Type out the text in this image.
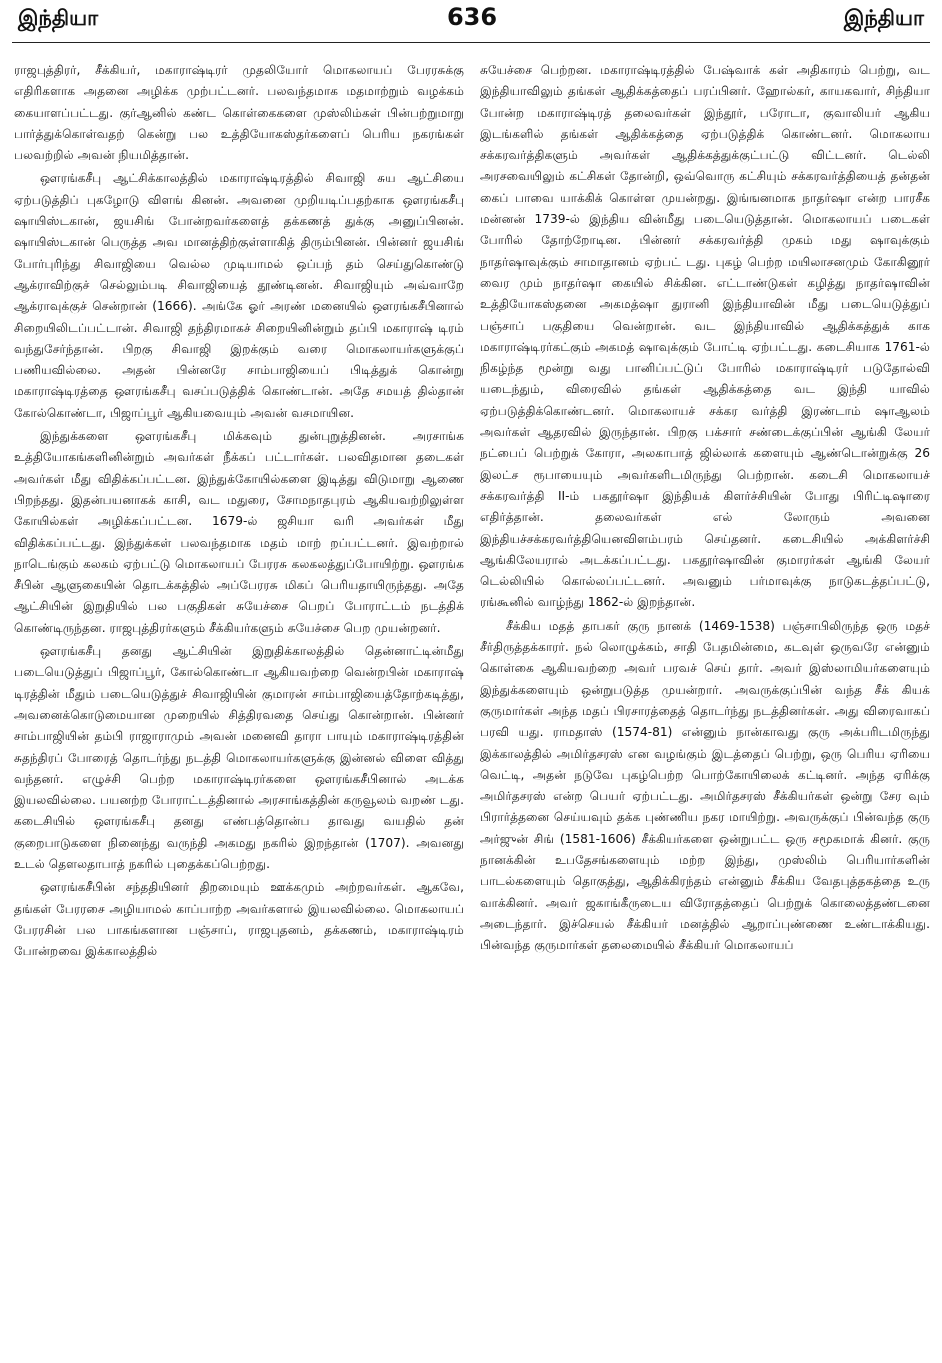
இந்தியா	636	இந்தியா

ராஜபுத்திரர், சீக்கியர், மகாராஷ்டிரர் முதலியோர் மொகலாயப் பேரரசுக்கு எதிரிகளாக அதனை அழிக்க முற்பட்டனர். பலவந்தமாக மதமாற்றும் வழக்கம் கையாளப்பட்டது. குர்ஆனில் கண்ட கொள்கைகளை முஸ்லிம்கள் பின்பற்றுமாறு பார்த்துக்கொள்வதற் கென்று பல உத்தியோகஸ்தர்களைப் பெரிய நகரங்கள் பலவற்றில் அவன் நியமித்தான்.

ஔரங்கசீபு ஆட்சிக்காலத்தில் மகாராஷ்டிரத்தில் சிவாஜி சுய ஆட்சியை ஏற்படுத்திப் புகழோடு விளங் கினன். அவனை முறியடிப்பதற்காக ஔரங்கசீபு ஷாயிஸ்டகான், ஜயசிங் போன்றவர்களைத் தக்கணத் துக்கு அனுப்பினன். ஷாயிஸ்டகான் பெருத்த அவ மானத்திற்குள்ளாகித் திரும்பினன். பின்னர் ஜயசிங் போர்புரிந்து சிவாஜியை வெல்ல முடியாமல் ஒப்பந் தம் செய்துகொண்டு ஆக்ராவிற்குச் செல்லும்படி சிவாஜியைத் தூண்டினன். சிவாஜியும் அவ்வாறே ஆக்ராவுக்குச் சென்றான் (1666). அங்கே ஓர் அரண் மனையில் ஔரங்கசீபினால் சிறையிலிடப்பட்டான். சிவாஜி தந்திரமாகச் சிறையினின்றும் தப்பி மகாராஷ் டிரம் வந்துசேர்ந்தான். பிறகு சிவாஜி இறக்கும் வரை மொகலாயர்களுக்குப் பணியவில்லை. அதன் பின்னரே சாம்பாஜியைப் பிடித்துக் கொன்று மகாராஷ்டிரத்தை ஔரங்கசீபு வசப்படுத்திக் கொண்டான். அதே சமயத் தில்தான் கோல்கொண்டா, பிஜாப்பூர் ஆகியவையும் அவன் வசமாயின.

இந்துக்களை ஔரங்கசீபு மிக்கவும் துன்புறுத்தினன். அரசாங்க உத்தியோகங்களினின்றும் அவர்கள் நீக்கப் பட்டார்கள். பலவிதமான தடைகள் அவர்கள் மீது விதிக்கப்பட்டன. இந்துக்கோயில்களை இடித்து விடுமாறு ஆணை பிறந்தது. இதன்பயனாகக் காசி, வட மதுரை, சோமநாதபுரம் ஆகியவற்றிலுள்ள கோயில்கள் அழிக்கப்பட்டன. 1679-ல் ஜசியா வரி அவர்கள் மீது விதிக்கப்பட்டது. இந்துக்கள் பலவந்தமாக மதம் மாற் றப்பட்டனர். இவற்றால் நாடெங்கும் கலகம் ஏற்பட்டு மொகலாயப் பேரரசு கலகலத்துப்போயிற்று. ஔரங்க சீபின் ஆளுகையின் தொடக்கத்தில் அப்பேரரசு மிகப் பெரியதாயிருந்தது. அதே ஆட்சியின் இறுதியில் பல பகுதிகள் சுயேச்சை பெறப் போராட்டம் நடத்திக் கொண்டிருந்தன. ராஜபுத்திரர்களும் சீக்கியர்களும் சுயேச்சை பெற முயன்றனர்.

ஔரங்கசீபு தனது ஆட்சியின் இறுதிக்காலத்தில் தென்னாட்டின்மீது படையெடுத்துப் பிஜாப்பூர், கோல்கொண்டா ஆகியவற்றை வென்றபின் மகாராஷ் டிரத்தின் மீதும் படையெடுத்துச் சிவாஜியின் குமாரன் சாம்பாஜியைத்தோற்கடித்து, அவனைக்கொடுமையான முறையில் சித்திரவதை செய்து கொன்றான். பின்னர் சாம்பாஜியின் தம்பி ராஜாராமும் அவன் மனைவி தாரா பாயும் மகாராஷ்டிரத்தின் சுதந்திரப் போரைத் தொடர்ந்து நடத்தி மொகலாயர்களுக்கு இன்னல் விளை வித்து வந்தனர். எழுச்சி பெற்ற மகாராஷ்டிரர்களை ஔரங்கசீபினால் அடக்க இயலவில்லை. பயனற்ற போராட்டத்தினால் அரசாங்கத்தின் கருவூலம் வறண் டது. கடைசியில் ஔரங்கசீபு தனது எண்பத்தொன்ப தாவது வயதில் தன் குறைபாடுகளை நினைந்து வருந்தி அகமது நகரில் இறந்தான் (1707). அவனது உடல் தௌலதாபாத் நகரில் புதைக்கப்பெற்றது.

ஔரங்கசீபின் சந்ததியினர் திறமையும் ஊக்கமும் அற்றவர்கள். ஆகவே, தங்கள் பேரரசை அழியாமல் காப்பாற்ற அவர்களால் இயலவில்லை. மொகலாயப் பேரரசின் பல பாகங்களான பஞ்சாப், ராஜபுதனம், தக்கணம், மகாராஷ்டிரம் போன்றவை இக்காலத்தில்

சுயேச்சை பெற்றன. மகாராஷ்டிரத்தில் பேஷ்வாக் கள் அதிகாரம் பெற்று, வட இந்தியாவிலும் தங்கள் ஆதிக்கத்தைப் பரப்பினர். ஹோல்கர், காயகவார், சிந்தியா போன்ற மகாராஷ்டிரத் தலைவர்கள் இந்தூர், பரோடா, குவாலியர் ஆகிய இடங்களில் தங்கள் ஆதிக்கத்தை ஏற்படுத்திக் கொண்டனர். மொகலாய சக்கரவர்த்திகளும் அவர்கள் ஆதிக்கத்துக்குட்பட்டு விட்டனர். டெல்லி அரசவையிலும் கட்சிகள் தோன்றி, ஒவ்வொரு கட்சியும் சக்கரவர்த்தியைத் தன்தன் கைப் பாவை யாக்கிக் கொள்ள முயன்றது. இங்ஙனமாக நாதர்ஷா என்ற பாரசீக மன்னன் 1739-ல் இந்திய வின்மீது படையெடுத்தான். மொகலாயப் படைகள் போரில் தோற்றோடின. பின்னர் சக்கரவர்த்தி முகம் மது ஷாவுக்கும் நாதர்ஷாவுக்கும் சாமாதானம் ஏற்பட் டது. புகழ் பெற்ற மயிலாசனமும் கோகினூர் வைர மும் நாதர்ஷா கையில் சிக்கின. எட்டாண்டுகள் கழித்து நாதர்ஷாவின் உத்தியோகஸ்தனை அகமத்ஷா துரானி இந்தியாவின் மீது படையெடுத்துப் பஞ்சாப் பகுதியை வென்றான். வட இந்தியாவில் ஆதிக்கத்துக் காக மகாராஷ்டிரர்கட்கும் அகமத் ஷாவுக்கும் போட்டி ஏற்பட்டது. கடைசியாக 1761-ல் நிகழ்ந்த மூன்று வது பானிப்பட்டுப் போரில் மகாராஷ்டிரர் படுதோல்வி யடைந்தும், விரைவில் தங்கள் ஆதிக்கத்தை வட இந்தி யாவில் ஏற்படுத்திக்கொண்டனர். மொகலாயச் சக்கர வர்த்தி இரண்டாம் ஷாஆலம் அவர்கள் ஆதரவில் இருந்தான். பிறகு பக்சார் சண்டைக்குப்பின் ஆங்கி லேயர் நட்பைப் பெற்றுக் கோரா, அலகாபாத் ஜில்லாக் களையும் ஆண்டொன்றுக்கு 26 இலட்ச ரூபாயையும் அவர்களிடமிருந்து பெற்றான். கடைசி மொகலாயச் சக்கரவர்த்தி II-ம் பகதூர்ஷா இந்தியக் கிளர்ச்சியின் போது பிரிட்டிஷாரை எதிர்த்தான். தலைவர்கள் எல் லோரும் அவனை இந்தியச்சக்கரவர்த்தியெனவிளம்பரம் செய்தனர். கடைசியில் அக்கிளர்ச்சி ஆங்கிலேயரால் அடக்கப்பட்டது. பகதூர்ஷாவின் குமாரர்கள் ஆங்கி லேயர் டெல்லியில் கொல்லப்பட்டனர். அவனும் பர்மாவுக்கு நாடுகடத்தப்பட்டு, ரங்கூனில் வாழ்ந்து 1862-ல் இறந்தான்.

சீக்கிய மதத் தாபகர் குரு நானக் (1469-1538) பஞ்சாபிலிருந்த ஒரு மதச் சீர்திருத்தக்காரர். நல் லொழுக்கம், சாதி பேதமின்மை, கடவுள் ஒருவரே என்னும் கொள்கை ஆகியவற்றை அவர் பரவச் செய் தார். அவர் இஸ்லாமியர்களையும் இந்துக்களையும் ஒன்றுபடுத்த முயன்றார். அவருக்குப்பின் வந்த சீக் கியக் குருமார்கள் அந்த மதப் பிரசாரத்தைத் தொடர்ந்து நடத்தினர்கள். அது விரைவாகப் பரவி யது. ராமதாஸ் (1574-81) என்னும் நான்காவது குரு அக்பரிடமிருந்து இக்காலத்தில் அமிர்தசரஸ் என வழங்கும் இடத்தைப் பெற்று, ஒரு பெரிய ஏரியை வெட்டி, அதன் நடுவே புகழ்பெற்ற பொற்கோயிலைக் கட்டினர். அந்த ஏரிக்கு அமிர்தசரஸ் என்ற பெயர் ஏற்பட்டது. அமிர்தசரஸ் சீக்கியர்கள் ஒன்று சேர வும் பிரார்த்தனை செய்யவும் தக்க புண்ணிய நகர மாயிற்று. அவருக்குப் பின்வந்த குரு அர்ஜுன் சிங் (1581-1606) சீக்கியர்களை ஒன்றுபட்ட ஒரு சமூகமாக் கினர். குரு நானக்கின் உபதேசங்களையும் மற்ற இந்து, முஸ்லிம் பெரியார்களின் பாடல்களையும் தொகுத்து, ஆதிக்கிரந்தம் என்னும் சீக்கிய வேதபுத்தகத்தை உரு வாக்கினர். அவர் ஜகாங்கீருடைய விரோதத்தைப் பெற்றுக் கொலைத்தண்டனை அடைந்தார். இச்செயல் சீக்கியர் மனத்தில் ஆறாப்புண்ணை உண்டாக்கியது. பின்வந்த குருமார்கள் தலைமையில் சீக்கியர் மொகலாயப்
